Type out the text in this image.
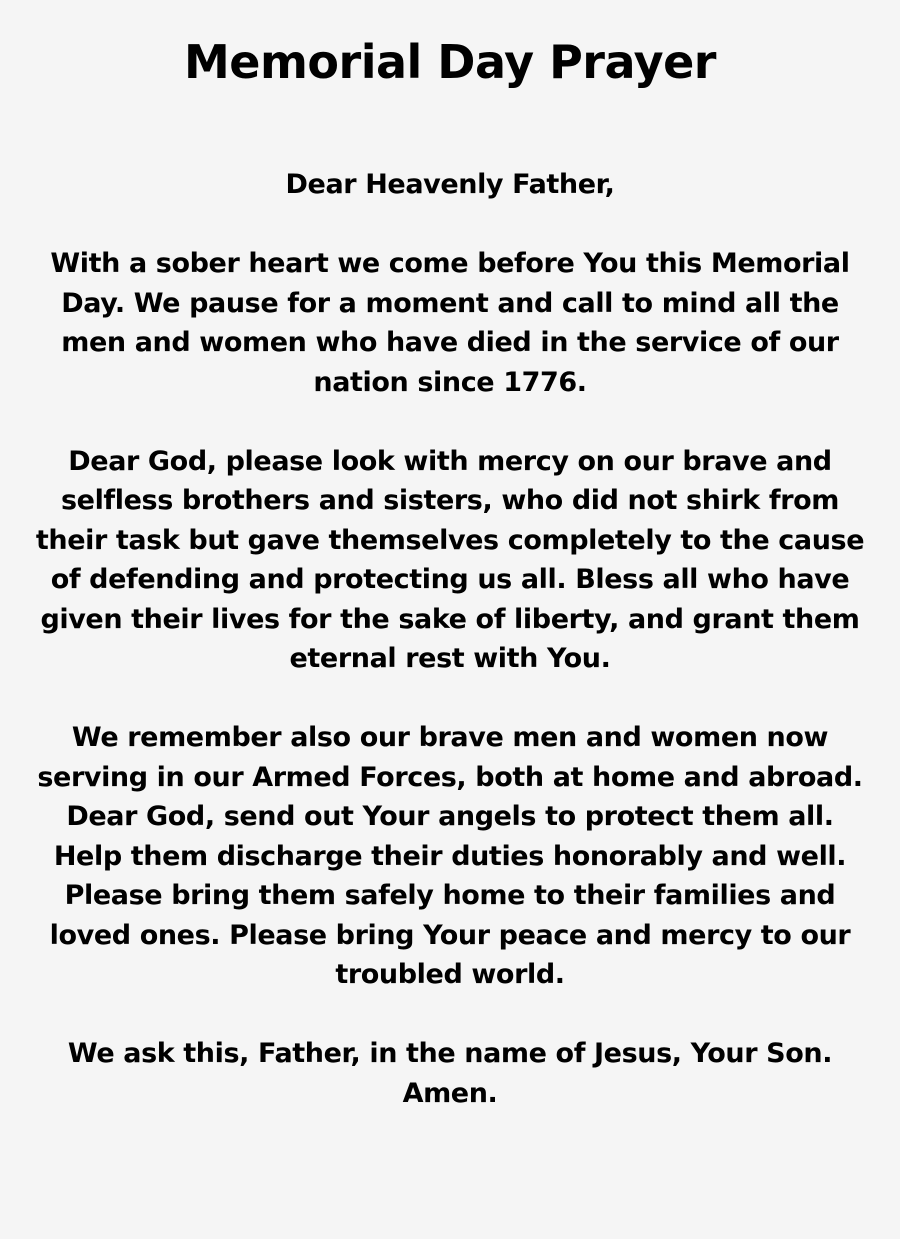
Memorial Day Prayer

Dear Heavenly Father,

With a sober heart we come before You this Memorial Day. We pause for a moment and call to mind all the men and women who have died in the service of our nation since 1776.

Dear God, please look with mercy on our brave and selfless brothers and sisters, who did not shirk from their task but gave themselves completely to the cause of defending and protecting us all. Bless all who have given their lives for the sake of liberty, and grant them eternal rest with You.

We remember also our brave men and women now serving in our Armed Forces, both at home and abroad. Dear God, send out Your angels to protect them all. Help them discharge their duties honorably and well. Please bring them safely home to their families and loved ones. Please bring Your peace and mercy to our troubled world.

We ask this, Father, in the name of Jesus, Your Son. Amen.
